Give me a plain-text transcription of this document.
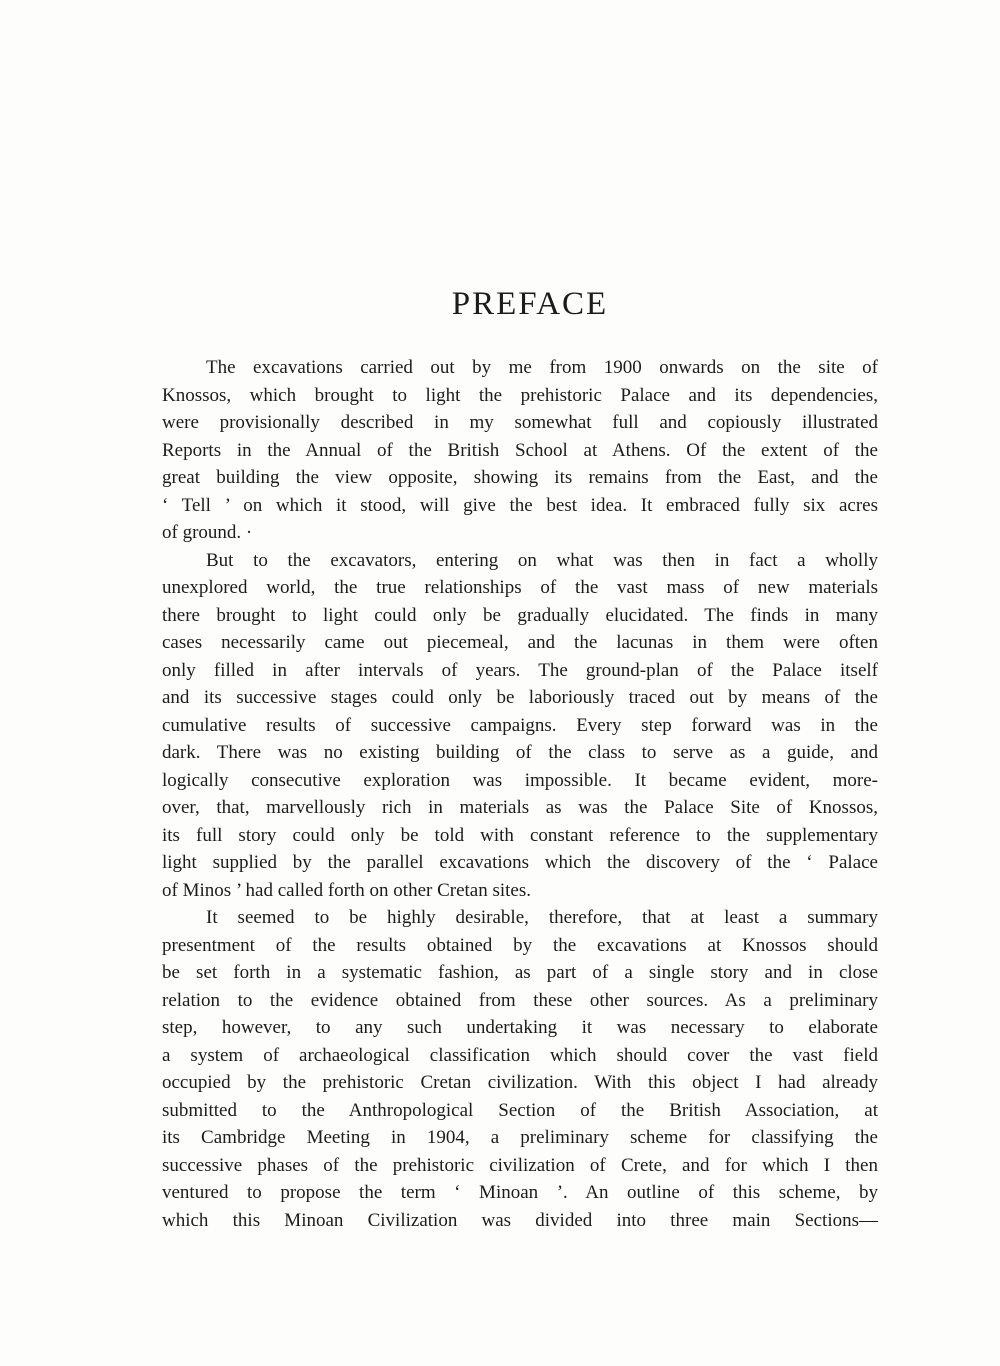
PREFACE
The excavations carried out by me from 1900 onwards on the site of
Knossos, which brought to light the prehistoric Palace and its dependencies,
were provisionally described in my somewhat full and copiously illustrated
Reports in the Annual of the British School at Athens. Of the extent of the
great building the view opposite, showing its remains from the East, and the
‘ Tell ’ on which it stood, will give the best idea. It embraced fully six acres
of ground. ·
But to the excavators, entering on what was then in fact a wholly
unexplored world, the true relationships of the vast mass of new materials
there brought to light could only be gradually elucidated. The finds in many
cases necessarily came out piecemeal, and the lacunas in them were often
only filled in after intervals of years. The ground-plan of the Palace itself
and its successive stages could only be laboriously traced out by means of the
cumulative results of successive campaigns. Every step forward was in the
dark. There was no existing building of the class to serve as a guide, and
logically consecutive exploration was impossible. It became evident, more-
over, that, marvellously rich in materials as was the Palace Site of Knossos,
its full story could only be told with constant reference to the supplementary
light supplied by the parallel excavations which the discovery of the ‘ Palace
of Minos ’ had called forth on other Cretan sites.
It seemed to be highly desirable, therefore, that at least a summary
presentment of the results obtained by the excavations at Knossos should
be set forth in a systematic fashion, as part of a single story and in close
relation to the evidence obtained from these other sources. As a preliminary
step, however, to any such undertaking it was necessary to elaborate
a system of archaeological classification which should cover the vast field
occupied by the prehistoric Cretan civilization. With this object I had already
submitted to the Anthropological Section of the British Association, at
its Cambridge Meeting in 1904, a preliminary scheme for classifying the
successive phases of the prehistoric civilization of Crete, and for which I then
ventured to propose the term ‘ Minoan ’. An outline of this scheme, by
which this Minoan Civilization was divided into three main Sections—
